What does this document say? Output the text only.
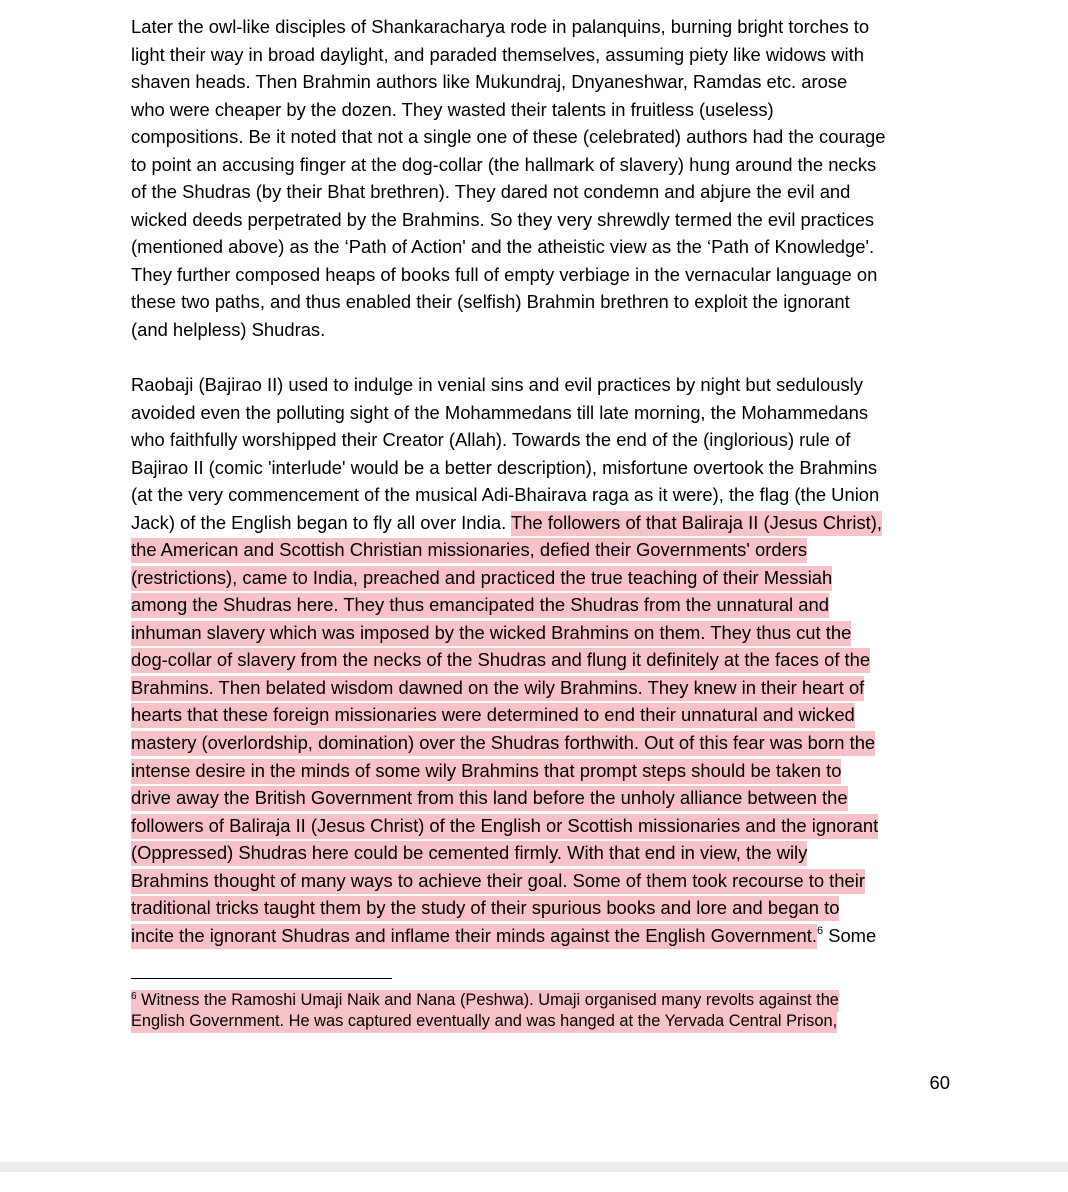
Later the owl-like disciples of Shankaracharya rode in palanquins, burning bright torches to
light their way in broad daylight, and paraded themselves, assuming piety like widows with
shaven heads. Then Brahmin authors like Mukundraj, Dnyaneshwar, Ramdas etc. arose
who were cheaper by the dozen. They wasted their talents in fruitless (useless)
compositions. Be it noted that not a single one of these (celebrated) authors had the courage
to point an accusing finger at the dog-collar (the hallmark of slavery) hung around the necks
of the Shudras (by their Bhat brethren). They dared not condemn and abjure the evil and
wicked deeds perpetrated by the Brahmins. So they very shrewdly termed the evil practices
(mentioned above) as the ‘Path of Action' and the atheistic view as the ‘Path of Knowledge'.
They further composed heaps of books full of empty verbiage in the vernacular language on
these two paths, and thus enabled their (selfish) Brahmin brethren to exploit the ignorant
(and helpless) Shudras.
Raobaji (Bajirao II) used to indulge in venial sins and evil practices by night but sedulously
avoided even the polluting sight of the Mohammedans till late morning, the Mohammedans
who faithfully worshipped their Creator (Allah). Towards the end of the (inglorious) rule of
Bajirao II (comic 'interlude' would be a better description), misfortune overtook the Brahmins
(at the very commencement of the musical Adi-Bhairava raga as it were), the flag (the Union
Jack) of the English began to fly all over India. The followers of that Baliraja II (Jesus Christ),
the American and Scottish Christian missionaries, defied their Governments' orders
(restrictions), came to India, preached and practiced the true teaching of their Messiah
among the Shudras here. They thus emancipated the Shudras from the unnatural and
inhuman slavery which was imposed by the wicked Brahmins on them. They thus cut the
dog-collar of slavery from the necks of the Shudras and flung it definitely at the faces of the
Brahmins. Then belated wisdom dawned on the wily Brahmins. They knew in their heart of
hearts that these foreign missionaries were determined to end their unnatural and wicked
mastery (overlordship, domination) over the Shudras forthwith. Out of this fear was born the
intense desire in the minds of some wily Brahmins that prompt steps should be taken to
drive away the British Government from this land before the unholy alliance between the
followers of Baliraja II (Jesus Christ) of the English or Scottish missionaries and the ignorant
(Oppressed) Shudras here could be cemented firmly. With that end in view, the wily
Brahmins thought of many ways to achieve their goal. Some of them took recourse to their
traditional tricks taught them by the study of their spurious books and lore and began to
incite the ignorant Shudras and inflame their minds against the English Government.$^6$ Some
$^6$ Witness the Ramoshi Umaji Naik and Nana (Peshwa). Umaji organised many revolts against the
English Government. He was captured eventually and was hanged at the Yervada Central Prison,
60
